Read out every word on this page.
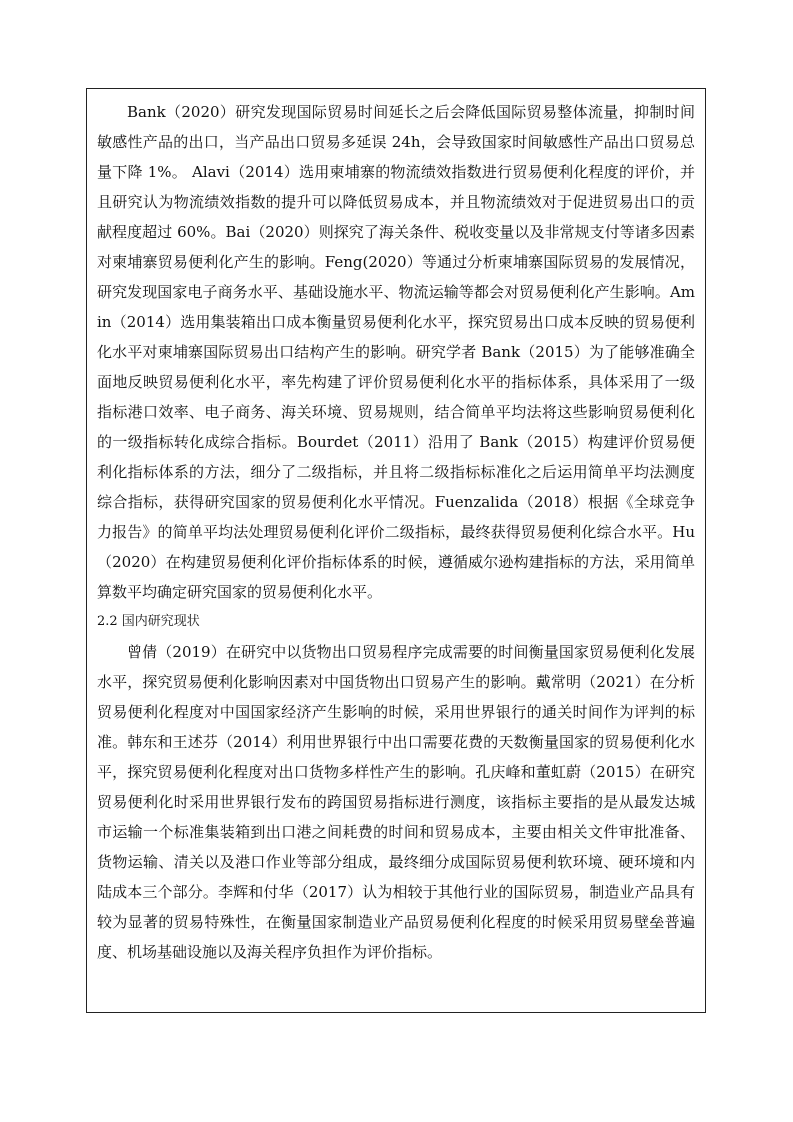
Bank（2020）研究发现国际贸易时间延长之后会降低国际贸易整体流量，抑制时间敏感性产品的出口，当产品出口贸易多延误 24h，会导致国家时间敏感性产品出口贸易总量下降 1%。 Alavi（2014）选用柬埔寨的物流绩效指数进行贸易便利化程度的评价，并且研究认为物流绩效指数的提升可以降低贸易成本，并且物流绩效对于促进贸易出口的贡献程度超过 60%。Bai（2020）则探究了海关条件、税收变量以及非常规支付等诸多因素对柬埔寨贸易便利化产生的影响。Feng(2020）等通过分析柬埔寨国际贸易的发展情况，研究发现国家电子商务水平、基础设施水平、物流运输等都会对贸易便利化产生影响。Amin（2014）选用集装箱出口成本衡量贸易便利化水平，探究贸易出口成本反映的贸易便利化水平对柬埔寨国际贸易出口结构产生的影响。研究学者 Bank（2015）为了能够准确全面地反映贸易便利化水平，率先构建了评价贸易便利化水平的指标体系，具体采用了一级指标港口效率、电子商务、海关环境、贸易规则，结合简单平均法将这些影响贸易便利化的一级指标转化成综合指标。Bourdet（2011）沿用了 Bank（2015）构建评价贸易便利化指标体系的方法，细分了二级指标，并且将二级指标标准化之后运用简单平均法测度综合指标，获得研究国家的贸易便利化水平情况。Fuenzalida（2018）根据《全球竞争力报告》的简单平均法处理贸易便利化评价二级指标，最终获得贸易便利化综合水平。Hu（2020）在构建贸易便利化评价指标体系的时候，遵循威尔逊构建指标的方法，采用简单算数平均确定研究国家的贸易便利化水平。

2.2 国内研究现状

曾倩（2019）在研究中以货物出口贸易程序完成需要的时间衡量国家贸易便利化发展水平，探究贸易便利化影响因素对中国货物出口贸易产生的影响。戴常明（2021）在分析贸易便利化程度对中国国家经济产生影响的时候，采用世界银行的通关时间作为评判的标准。韩东和王述芬（2014）利用世界银行中出口需要花费的天数衡量国家的贸易便利化水平，探究贸易便利化程度对出口货物多样性产生的影响。孔庆峰和董虹蔚（2015）在研究贸易便利化时采用世界银行发布的跨国贸易指标进行测度，该指标主要指的是从最发达城市运输一个标准集装箱到出口港之间耗费的时间和贸易成本，主要由相关文件审批准备、货物运输、清关以及港口作业等部分组成，最终细分成国际贸易便利软环境、硬环境和内陆成本三个部分。李辉和付华（2017）认为相较于其他行业的国际贸易，制造业产品具有较为显著的贸易特殊性，在衡量国家制造业产品贸易便利化程度的时候采用贸易壁垒普遍度、机场基础设施以及海关程序负担作为评价指标。
